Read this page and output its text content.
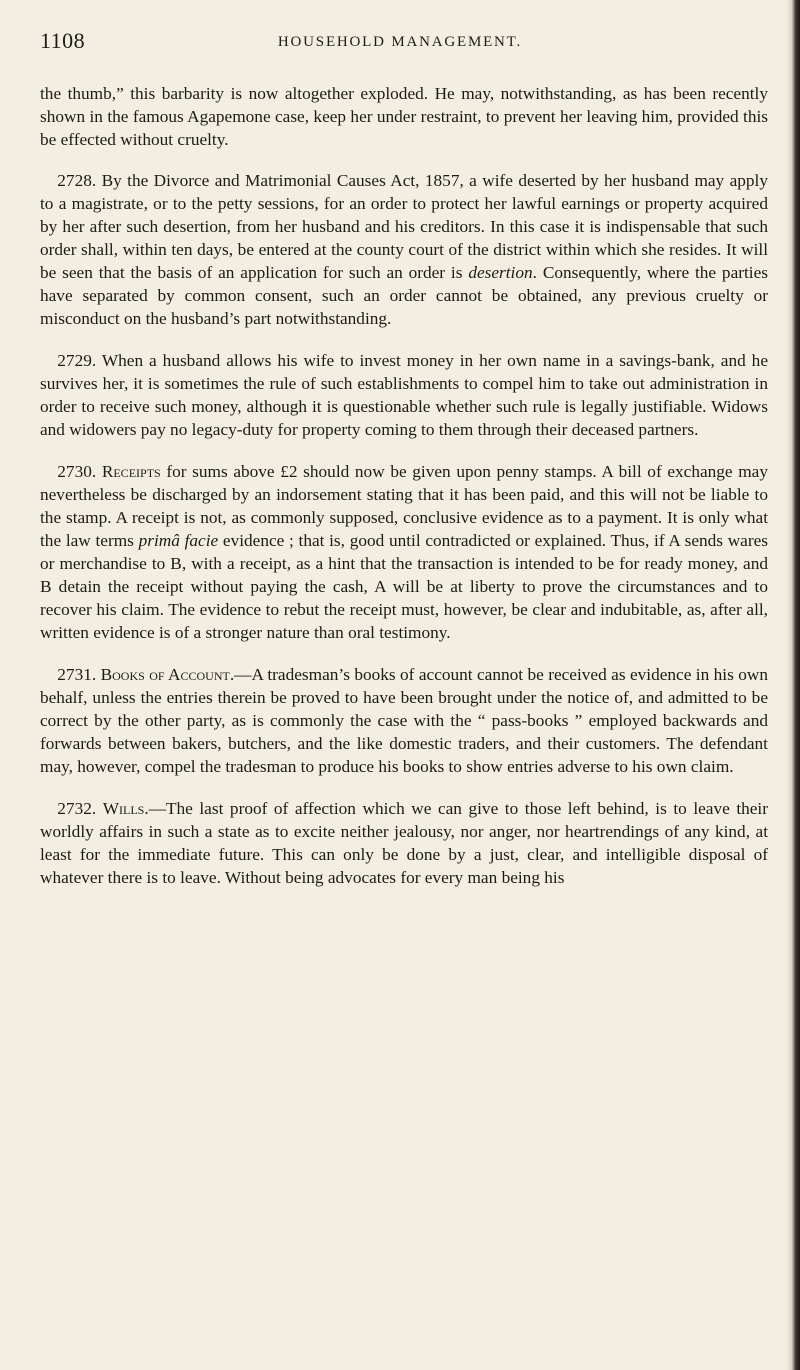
1108	HOUSEHOLD MANAGEMENT.

the thumb,” this barbarity is now altogether exploded. He may, notwithstanding, as has been recently shown in the famous Agapemone case, keep her under restraint, to prevent her leaving him, provided this be effected without cruelty.

 2728. By the Divorce and Matrimonial Causes Act, 1857, a wife deserted by her husband may apply to a magistrate, or to the petty sessions, for an order to protect her lawful earnings or property acquired by her after such desertion, from her husband and his creditors. In this case it is indispensable that such order shall, within ten days, be entered at the county court of the district within which she resides. It will be seen that the basis of an application for such an order is desertion. Consequently, where the parties have separated by common consent, such an order cannot be obtained, any previous cruelty or misconduct on the husband’s part notwithstanding.

 2729. When a husband allows his wife to invest money in her own name in a savings-bank, and he survives her, it is sometimes the rule of such establishments to compel him to take out administration in order to receive such money, although it is questionable whether such rule is legally justifiable. Widows and widowers pay no legacy-duty for property coming to them through their deceased partners.

 2730. Receipts for sums above £2 should now be given upon penny stamps. A bill of exchange may nevertheless be discharged by an indorsement stating that it has been paid, and this will not be liable to the stamp. A receipt is not, as commonly supposed, conclusive evidence as to a payment. It is only what the law terms primâ facie evidence ; that is, good until contradicted or explained. Thus, if A sends wares or merchandise to B, with a receipt, as a hint that the transaction is intended to be for ready money, and B detain the receipt without paying the cash, A will be at liberty to prove the circumstances and to recover his claim. The evidence to rebut the receipt must, however, be clear and indubitable, as, after all, written evidence is of a stronger nature than oral testimony.

 2731. Books of Account.—A tradesman’s books of account cannot be received as evidence in his own behalf, unless the entries therein be proved to have been brought under the notice of, and admitted to be correct by the other party, as is commonly the case with the “ pass-books ” employed backwards and forwards between bakers, butchers, and the like domestic traders, and their customers. The defendant may, however, compel the tradesman to produce his books to show entries adverse to his own claim.

 2732. Wills.—The last proof of affection which we can give to those left behind, is to leave their worldly affairs in such a state as to excite neither jealousy, nor anger, nor heartrendings of any kind, at least for the immediate future. This can only be done by a just, clear, and intelligible disposal of whatever there is to leave. Without being advocates for every man being his
